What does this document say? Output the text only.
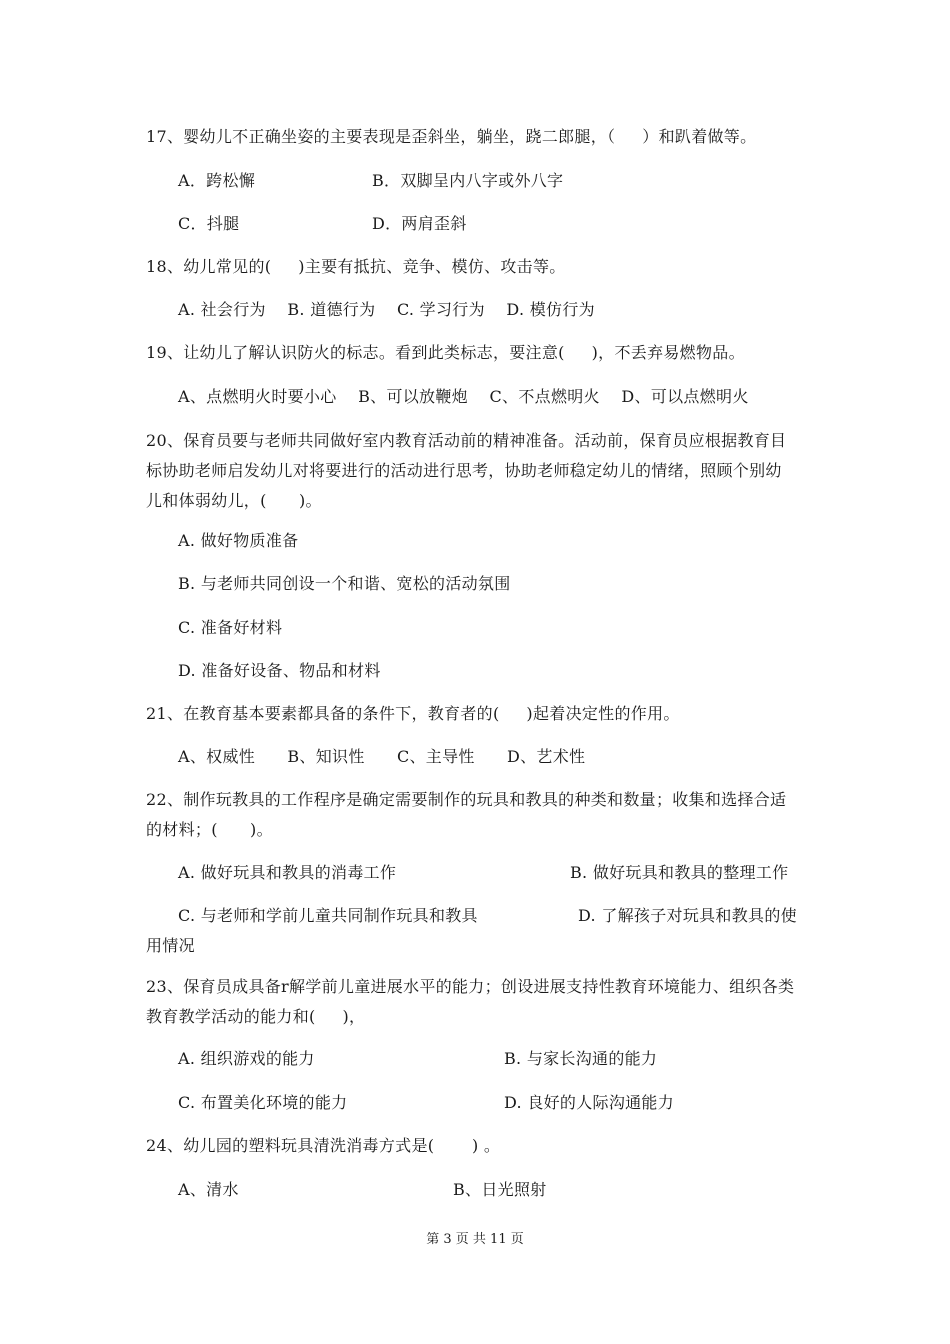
17、婴幼儿不正确坐姿的主要表现是歪斜坐，躺坐，跷二郎腿，（     ）和趴着做等。
A．跨松懈	B．双脚呈内八字或外八字
C．抖腿	D．两肩歪斜
18、幼儿常见的(     )主要有抵抗、竞争、模仿、攻击等。
A. 社会行为    B. 道德行为    C. 学习行为    D. 模仿行为
19、让幼儿了解认识防火的标志。看到此类标志，要注意(     )，不丢弃易燃物品。
A、点燃明火时要小心    B、可以放鞭炮    C、不点燃明火    D、可以点燃明火
20、保育员要与老师共同做好室内教育活动前的精神准备。活动前，保育员应根据教育目
标协助老师启发幼儿对将要进行的活动进行思考，协助老师稳定幼儿的情绪，照顾个别幼
儿和体弱幼儿，(      )。
A. 做好物质准备
B. 与老师共同创设一个和谐、宽松的活动氛围
C. 准备好材料
D. 准备好设备、物品和材料
21、在教育基本要素都具备的条件下，教育者的(     )起着决定性的作用。
A、权威性      B、知识性      C、主导性      D、艺术性
22、制作玩教具的工作程序是确定需要制作的玩具和教具的种类和数量；收集和选择合适
的材料；(      )。
A. 做好玩具和教具的消毒工作	B. 做好玩具和教具的整理工作
C. 与老师和学前儿童共同制作玩具和教具	D. 了解孩子对玩具和教具的使
用情况
23、保育员成具备r解学前儿童进展水平的能力；创设进展支持性教育环境能力、组织各类
教育教学活动的能力和(     )，
A. 组织游戏的能力	B. 与家长沟通的能力
C. 布置美化环境的能力	D. 良好的人际沟通能力
24、幼儿园的塑料玩具清洗消毒方式是(       ) 。
A、清水	B、日光照射
第 3 页 共 11 页
